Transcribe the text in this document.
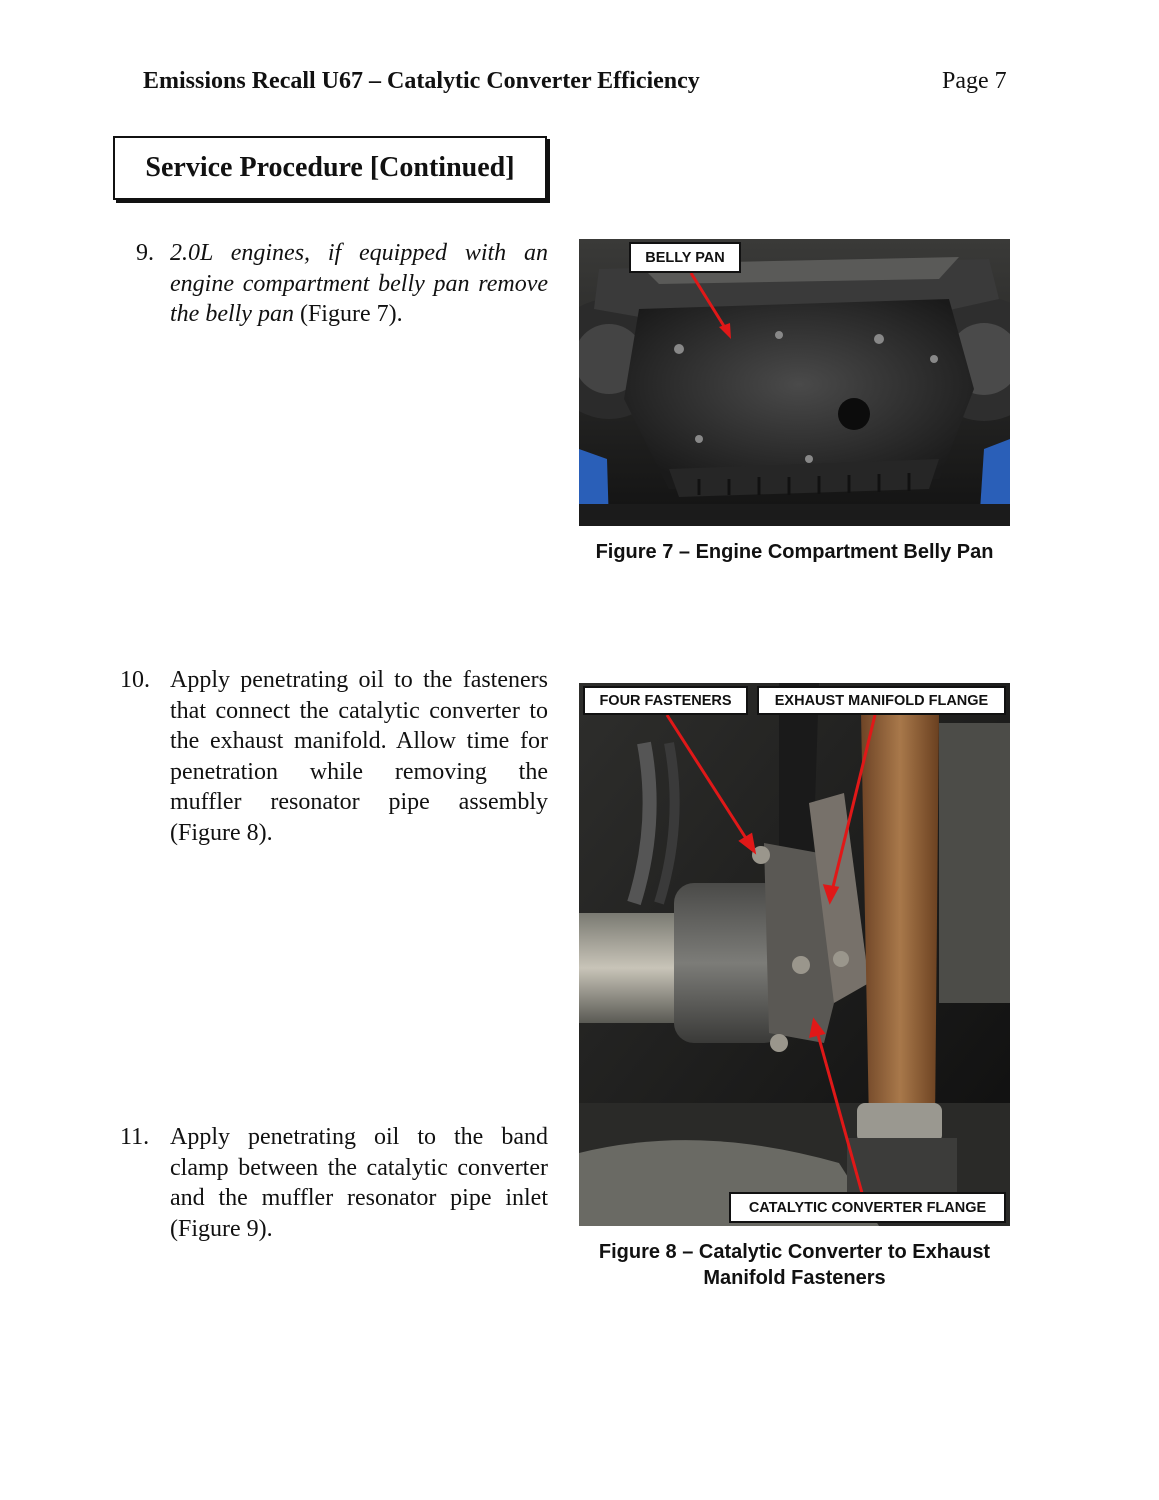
Emissions Recall U67 – Catalytic Converter Efficiency	Page 7
Service Procedure [Continued]
9. 2.0L engines, if equipped with an engine compartment belly pan remove the belly pan (Figure 7).
10. Apply penetrating oil to the fasteners that connect the catalytic converter to the exhaust manifold. Allow time for penetration while removing the muffler resonator pipe assembly (Figure 8).
11. Apply penetrating oil to the band clamp between the catalytic converter and the muffler resonator pipe inlet (Figure 9).
BELLY PAN
Figure 7 – Engine Compartment Belly Pan
FOUR FASTENERS	EXHAUST MANIFOLD FLANGE
CATALYTIC CONVERTER FLANGE
Figure 8 – Catalytic Converter to Exhaust Manifold Fasteners
